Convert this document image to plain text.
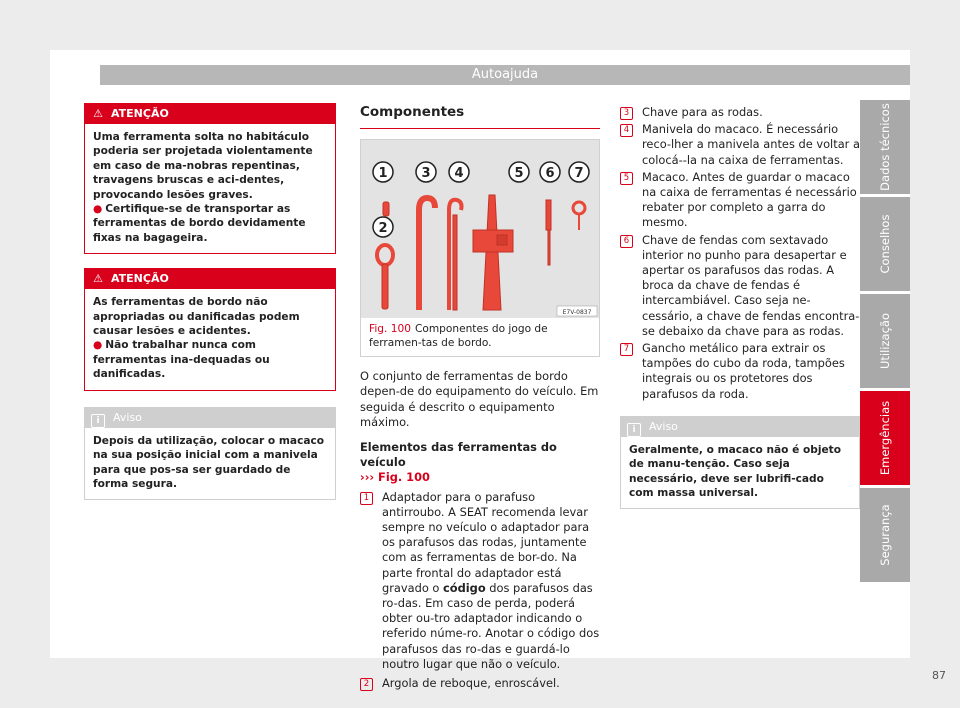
Autoajuda
⚠ ATENÇÃO
Uma ferramenta solta no habitáculo poderia ser projetada violentamente em caso de ma-nobras repentinas, travagens bruscas e aci-dentes, provocando lesões graves.
● Certifique-se de transportar as ferramentas de bordo devidamente fixas na bagageira.
⚠ ATENÇÃO
As ferramentas de bordo não apropriadas ou danificadas podem causar lesões e acidentes.
● Não trabalhar nunca com ferramentas ina-dequadas ou danificadas.
i Aviso
Depois da utilização, colocar o macaco na sua posição inicial com a manivela para que pos-sa ser guardado de forma segura.
Componentes
1
2
3 4	5 6 7
E7V-0837
Fig. 100 Componentes do jogo de ferramen-tas de bordo.
O conjunto de ferramentas de bordo depen-de do equipamento do veículo. Em seguida é descrito o equipamento máximo.
Elementos das ferramentas do veículo
››› Fig. 100
1	Adaptador para o parafuso antirroubo. A SEAT recomenda levar sempre no veículo o adaptador para os parafusos das rodas, juntamente com as ferramentas de bor-do. Na parte frontal do adaptador está gravado o código dos parafusos das ro-das. Em caso de perda, poderá obter ou-tro adaptador indicando o referido núme-ro. Anotar o código dos parafusos das ro-das e guardá-lo noutro lugar que não o veículo.
2	Argola de reboque, enroscável.
3	Chave para as rodas.
4	Manivela do macaco. É necessário reco-lher a manivela antes de voltar a colocá--la na caixa de ferramentas.
5	Macaco. Antes de guardar o macaco na caixa de ferramentas é necessário rebater por completo a garra do mesmo.
6	Chave de fendas com sextavado interior no punho para desapertar e apertar os parafusos das rodas. A broca da chave de fendas é intercambiável. Caso seja ne-cessário, a chave de fendas encontra-se debaixo da chave para as rodas.
7	Gancho metálico para extrair os tampões do cubo da roda, tampões integrais ou os protetores dos parafusos da roda.
i Aviso
Geralmente, o macaco não é objeto de manu-tenção. Caso seja necessário, deve ser lubrifi-cado com massa universal.
87
Dados técnicos
Conselhos
Utilização
Emergências
Segurança
